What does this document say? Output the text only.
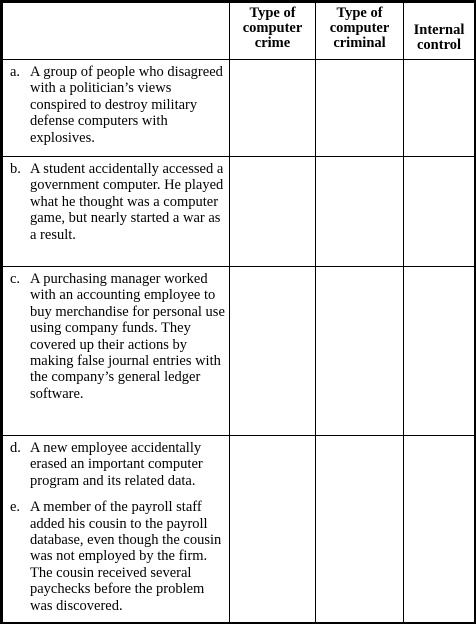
	Type of
computer
crime	Type of
computer
criminal	Internal
control

a. A group of people who disagreed with a politician’s views conspired to destroy military defense computers with explosives.			

b. A student accidentally accessed a government computer. He played what he thought was a computer game, but nearly started a war as a result.			

c. A purchasing manager worked with an accounting employee to buy merchandise for personal use using company funds. They covered up their actions by making false journal entries with the company’s general ledger software.			

d. A new employee accidentally erased an important computer program and its related data.
e. A member of the payroll staff added his cousin to the payroll database, even though the cousin was not employed by the firm. The cousin received several paychecks before the problem was discovered.			
